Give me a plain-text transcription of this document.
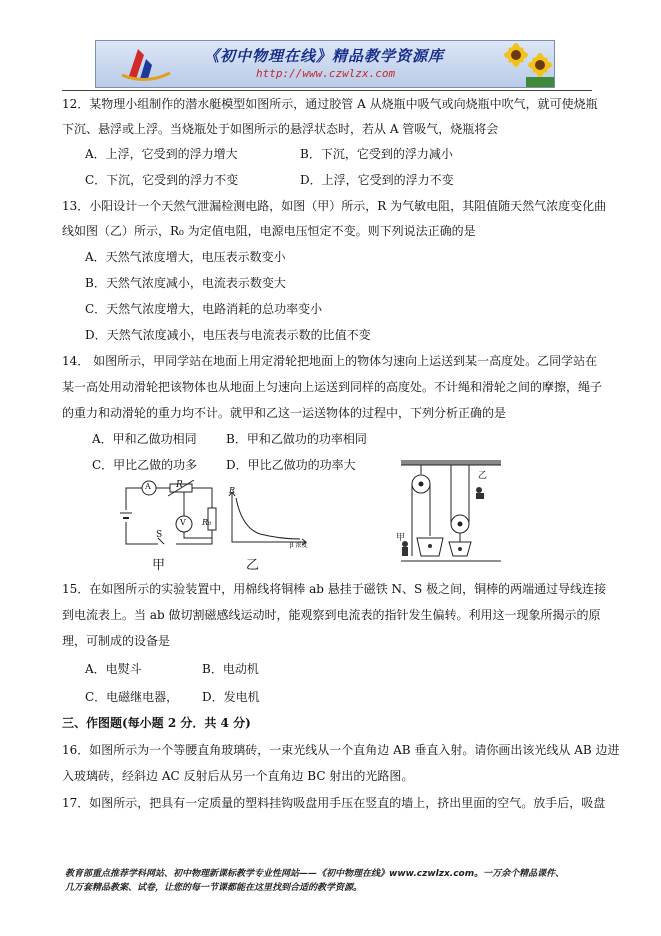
《初中物理在线》精品教学资源库
http://www.czwlzx.com
12．某物理小组制作的潜水艇模型如图所示，通过胶管 A 从烧瓶中吸气或向烧瓶中吹气，就可使烧瓶
下沉、悬浮或上浮。当烧瓶处于如图所示的悬浮状态时，若从 A 管吸气，烧瓶将会
A．上浮，它受到的浮力增大	B．下沉，它受到的浮力减小
C．下沉，它受到的浮力不变	D．上浮，它受到的浮力不变
13．小阳设计一个天然气泄漏检测电路，如图（甲）所示，R 为气敏电阻，其阻值随天然气浓度变化曲
线如图（乙）所示，R₀ 为定值电阻，电源电压恒定不变。则下列说法正确的是
A．天然气浓度增大，电压表示数变小
B．天然气浓度减小，电流表示数变大
C．天然气浓度增大，电路消耗的总功率变小
D．天然气浓度减小，电压表与电流表示数的比值不变
14． 如图所示，甲同学站在地面上用定滑轮把地面上的物体匀速向上运送到某一高度处。乙同学站在
某一高处用动滑轮把该物体也从地面上匀速向上运送到同样的高度处。不计绳和滑轮之间的摩擦，绳子
的重力和动滑轮的重力均不计。就甲和乙这一运送物体的过程中，下列分析正确的是
A．甲和乙做功相同 B．甲和乙做功的功率相同
C．甲比乙做的功多 D．甲比乙做功的功率大
A
V
R
R₀
S
甲
R
β 浓度
乙
甲
乙
15．在如图所示的实验装置中，用棉线将铜棒 ab 悬挂于磁铁 N、S 极之间，铜棒的两端通过导线连接
到电流表上。当 ab 做切割磁感线运动时，能观察到电流表的指针发生偏转。利用这一现象所揭示的原
理，可制成的设备是
A．电熨斗	B．电动机
C．电磁继电器， D．发电机
三、作图题(每小题 2 分．共 4 分)
16．如图所示为一个等腰直角玻璃砖，一束光线从一个直角边 AB 垂直入射。请你画出该光线从 AB 边进
入玻璃砖，经斜边 AC 反射后从另一个直角边 BC 射出的光路图。
17．如图所示，把具有一定质量的塑料挂钩吸盘用手压在竖直的墙上，挤出里面的空气。放手后，吸盘
教育部重点推荐学科网站、初中物理新课标教学专业性网站——《初中物理在线》www.czwlzx.com。一万余个精品课件、
几万套精品教案、试卷，让您的每一节课都能在这里找到合适的教学资源。
